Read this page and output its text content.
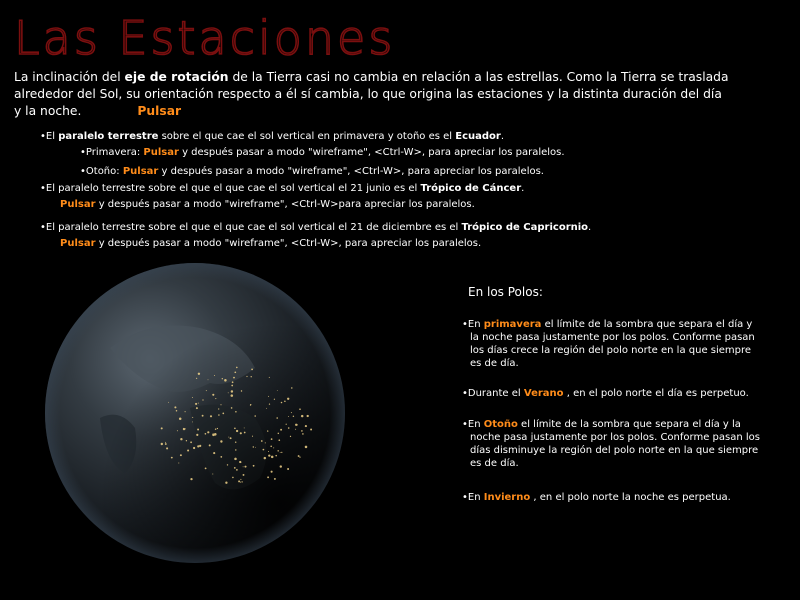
Las Estaciones
La inclinación del eje de rotación de la Tierra casi no cambia en relación a las estrellas. Como la Tierra se traslada
alrededor del Sol, su orientación respecto a él sí cambia, lo que origina las estaciones y la distinta duración del día
y la noche.	Pulsar
•El paralelo terrestre sobre el que cae el sol vertical en primavera y otoño es el Ecuador.
•Primavera: Pulsar y después pasar a modo "wireframe", <Ctrl-W>, para apreciar los paralelos.
•Otoño: Pulsar y después pasar a modo "wireframe", <Ctrl-W>, para apreciar los paralelos.
•El paralelo terrestre sobre el que el que cae el sol vertical el 21 junio es el Trópico de Cáncer.
Pulsar y después pasar a modo "wireframe", <Ctrl-W>para apreciar los paralelos.
•El paralelo terrestre sobre el que el que cae el sol vertical el 21 de diciembre es el Trópico de Capricornio.
Pulsar y después pasar a modo "wireframe", <Ctrl-W>, para apreciar los paralelos.
En los Polos:
•En primavera el límite de la sombra que separa el día y
la noche pasa justamente por los polos. Conforme pasan
los días crece la región del polo norte en la que siempre
es de día.
•Durante el Verano , en el polo norte el día es perpetuo.
•En Otoño el límite de la sombra que separa el día y la
noche pasa justamente por los polos. Conforme pasan los
días disminuye la región del polo norte en la que siempre
es de día.
•En Invierno , en el polo norte la noche es perpetua.
